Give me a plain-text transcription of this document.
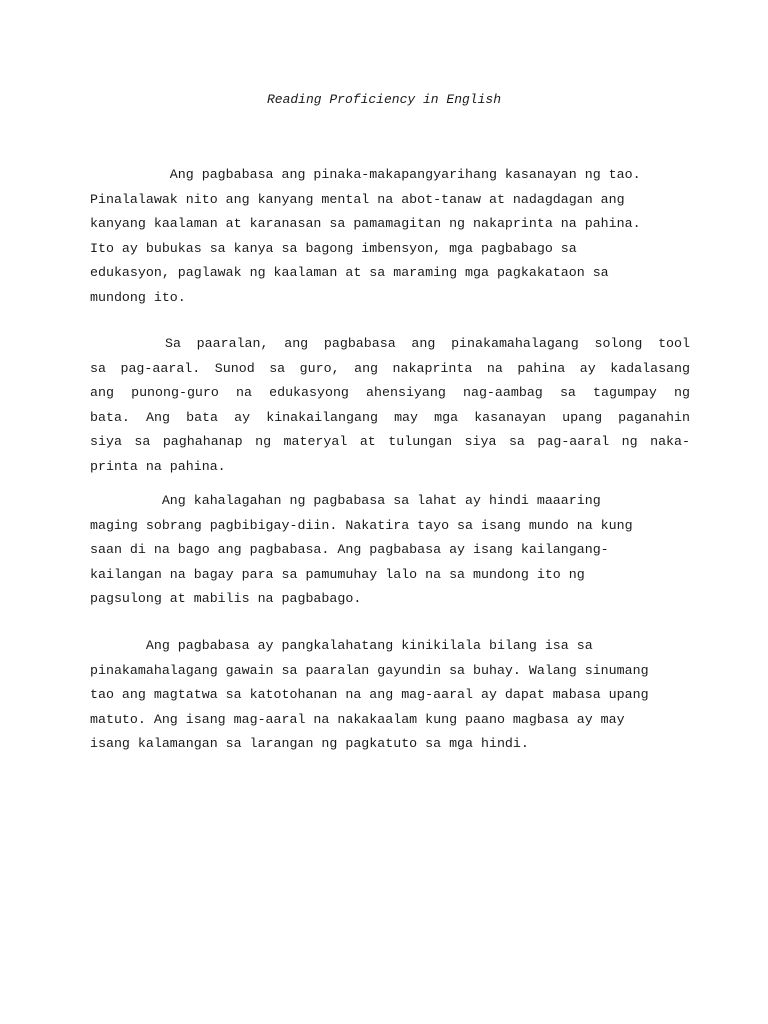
Reading Proficiency in English
Ang pagbabasa ang pinaka-makapangyarihang kasanayan ng tao.
Pinalalawak nito ang kanyang mental na abot-tanaw at nadagdagan ang
kanyang kaalaman at karanasan sa pamamagitan ng nakaprinta na pahina.
Ito ay bubukas sa kanya sa bagong imbensyon, mga pagbabago sa
edukasyon, paglawak ng kaalaman at sa maraming mga pagkakataon sa
mundong ito.
Sa paaralan, ang pagbabasa ang pinakamahalagang solong tool
sa pag-aaral. Sunod sa guro, ang nakaprinta na pahina ay kadalasang
ang punong-guro na edukasyong ahensiyang nag-aambag sa tagumpay ng
bata. Ang bata ay kinakailangang may mga kasanayan upang paganahin
siya sa paghahanap ng materyal at tulungan siya sa pag-aaral ng naka-
printa na pahina.
Ang kahalagahan ng pagbabasa sa lahat ay hindi maaaring
maging sobrang pagbibigay-diin. Nakatira tayo sa isang mundo na kung
saan di na bago ang pagbabasa. Ang pagbabasa ay isang kailangang-
kailangan na bagay para sa pamumuhay lalo na sa mundong ito ng
pagsulong at mabilis na pagbabago.
Ang pagbabasa ay pangkalahatang kinikilala bilang isa sa
pinakamahalagang gawain sa paaralan gayundin sa buhay. Walang sinumang
tao ang magtatwa sa katotohanan na ang mag-aaral ay dapat mabasa upang
matuto. Ang isang mag-aaral na nakakaalam kung paano magbasa ay may
isang kalamangan sa larangan ng pagkatuto sa mga hindi.
